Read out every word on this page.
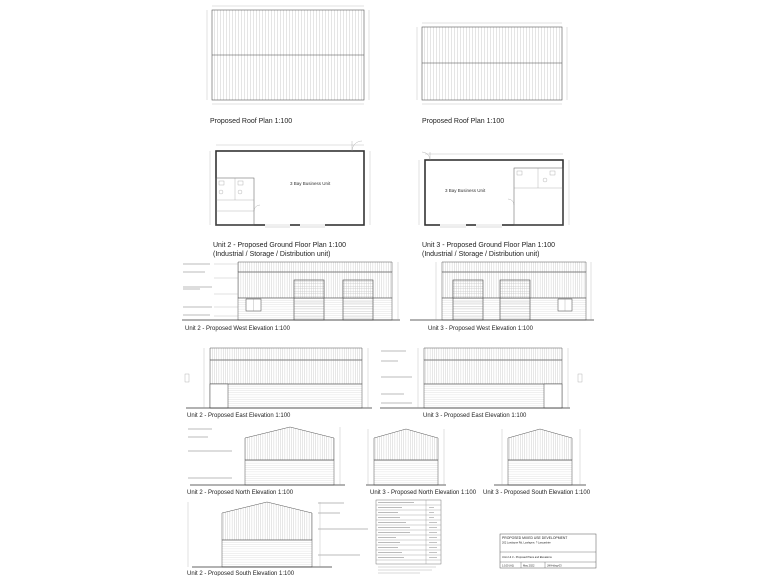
Proposed Roof Plan 1:100	Proposed Roof Plan 1:100
3 Bay Business Unit
Unit 2 - Proposed Ground Floor Plan 1:100
(Industrial / Storage / Distribution unit)
3 Bay Business Unit
Unit 3 - Proposed Ground Floor Plan 1:100
(Industrial / Storage / Distribution unit)
Unit 2 - Proposed West Elevation 1:100	Unit 3 - Proposed West Elevation 1:100
Unit 2 - Proposed East Elevation 1:100	Unit 3 - Proposed East Elevation 1:100
Unit 2 - Proposed North Elevation 1:100	Unit 3 - Proposed North Elevation 1:100 Unit 3 - Proposed South Elevation 1:100
Unit 2 - Proposed South Elevation 1:100
PROPOSED MIXED USE DEVELOPMENT
202 Lowlayne Rd, Lowlayne, ? Lancashire
Unit 2 & 3 - Proposed Plans and Elevations
1:100 (A1)	May 2022	JW-Hdng-03
